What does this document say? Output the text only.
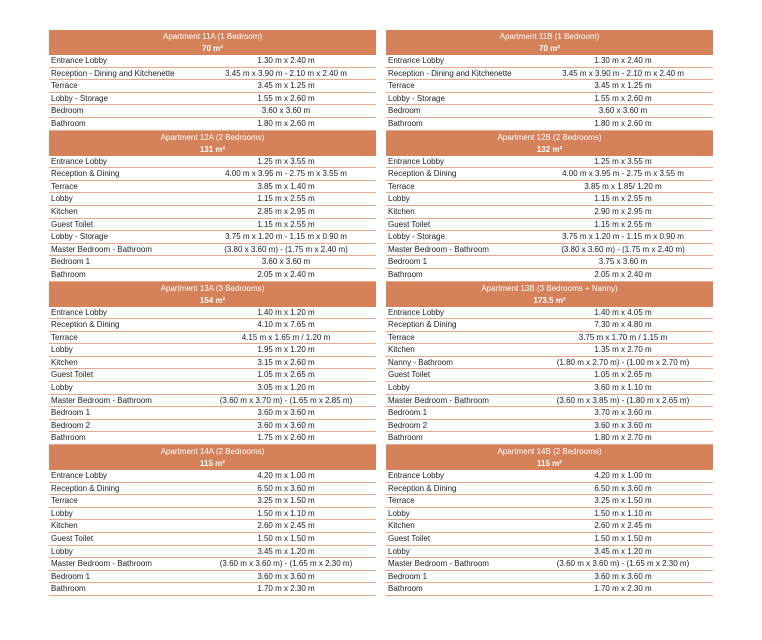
Apartment 11A (1 Bedroom)
70 m²
Entrance Lobby	1.30 m x 2.40 m
Reception - Dining and Kitchenette	3.45 m x 3.90 m - 2.10 m x 2.40 m
Terrace	3.45 m x 1.25 m
Lobby - Storage	1.55 m x 2.60 m
Bedroom	3.60 x 3.60 m
Bathroom	1.80 m x 2.60 m
Apartment 12A (2 Bedrooms)
131 m²
Entrance Lobby	1.25 m x 3.55 m
Reception & Dining	4.00 m x 3.95 m - 2.75 m x 3.55 m
Terrace	3.85 m x 1.40 m
Lobby	1.15 m x 2.55 m
Kitchen	2.85 m x 2.95 m
Guest Toilet	1.15 m x 2.55 m
Lobby - Storage	3.75 m x 1.20 m - 1.15 m x 0.90 m
Master Bedroom - Bathroom	(3.80 x 3.60 m) - (1.75 m x 2.40 m)
Bedroom 1	3.60 x 3.60 m
Bathroom	2.05 m x 2.40 m
Apartment 13A (3 Bedrooms)
154 m²
Entrance Lobby	1.40 m x 1.20 m
Reception & Dining	4.10 m x 7.65 m
Terrace	4.15 m x 1.65 m / 1.20 m
Lobby	1.95 m x 1.20 m
Kitchen	3.15 m x 2.60 m
Guest Toilet	1.05 m x 2.65 m
Lobby	3.05 m x 1.20 m
Master Bedroom - Bathroom	(3.60 m x 3.70 m) - (1.65 m x 2.85 m)
Bedroom 1	3.60 m x 3.60 m
Bedroom 2	3.60 m x 3.60 m
Bathroom	1.75 m x 2.60 m
Apartment 14A (2 Bedrooms)
115 m²
Entrance Lobby	4.20 m x 1.00 m
Reception & Dining	6.50 m x 3.60 m
Terrace	3.25 m x 1.50 m
Lobby	1.50 m x 1.10 m
Kitchen	2.60 m x 2.45 m
Guest Toilet	1.50 m x 1.50 m
Lobby	3.45 m x 1.20 m
Master Bedroom - Bathroom	(3.60 m x 3.60 m) - (1.65 m x 2.30 m)
Bedroom 1	3.60 m x 3.60 m
Bathroom	1.70 m x 2.30 m
Apartment 11B (1 Bedroom)
70 m²
Entrance Lobby	1.30 m x 2.40 m
Reception - Dining and Kitchenette	3.45 m x 3.90 m - 2.10 m x 2.40 m
Terrace	3.45 m x 1.25 m
Lobby - Storage	1.55 m x 2.60 m
Bedroom	3.60 x 3.60 m
Bathroom	1.80 m x 2.60 m
Apartment 12B (2 Bedrooms)
132 m²
Entrance Lobby	1.25 m x 3.55 m
Reception & Dining	4.00 m x 3.95 m - 2.75 m x 3.55 m
Terrace	3.85 m x 1.85/ 1.20 m
Lobby	1.15 m x 2.55 m
Kitchen	2.90 m x 2.95 m
Guest Toilet	1.15 m x 2.55 m
Lobby - Storage	3.75 m x 1.20 m - 1.15 m x 0.90 m
Master Bedroom - Bathroom	(3.80 x 3.60 m) - (1.75 m x 2.40 m)
Bedroom 1	3.75 x 3.60 m
Bathroom	2.05 m x 2.40 m
Apartment 13B (3 Bedrooms + Nanny)
173.5 m²
Entrance Lobby	1.40 m x 4.05 m
Reception & Dining	7.30 m x 4.80 m
Terrace	3.75 m x 1.70 m / 1.15 m
Kitchen	1.35 m x 2.70 m
Nanny - Bathroom	(1.80 m x 2.70 m) - (1.00 m x 2.70 m)
Guest Toilet	1.05 m x 2.65 m
Lobby	3.60 m x 1.10 m
Master Bedroom - Bathroom	(3.60 m x 3.85 m) - (1.80 m x 2.65 m)
Bedroom 1	3.70 m x 3.60 m
Bedroom 2	3.60 m x 3.60 m
Bathroom	1.80 m x 2.70 m
Apartment 14B (2 Bedrooms)
115 m²
Entrance Lobby	4.20 m x 1.00 m
Reception & Dining	6.50 m x 3.60 m
Terrace	3.25 m x 1.50 m
Lobby	1.50 m x 1.10 m
Kitchen	2.60 m x 2.45 m
Guest Toilet	1.50 m x 1.50 m
Lobby	3.45 m x 1.20 m
Master Bedroom - Bathroom	(3.60 m x 3.60 m) - (1.65 m x 2.30 m)
Bedroom 1	3.60 m x 3.60 m
Bathroom	1.70 m x 2.30 m
